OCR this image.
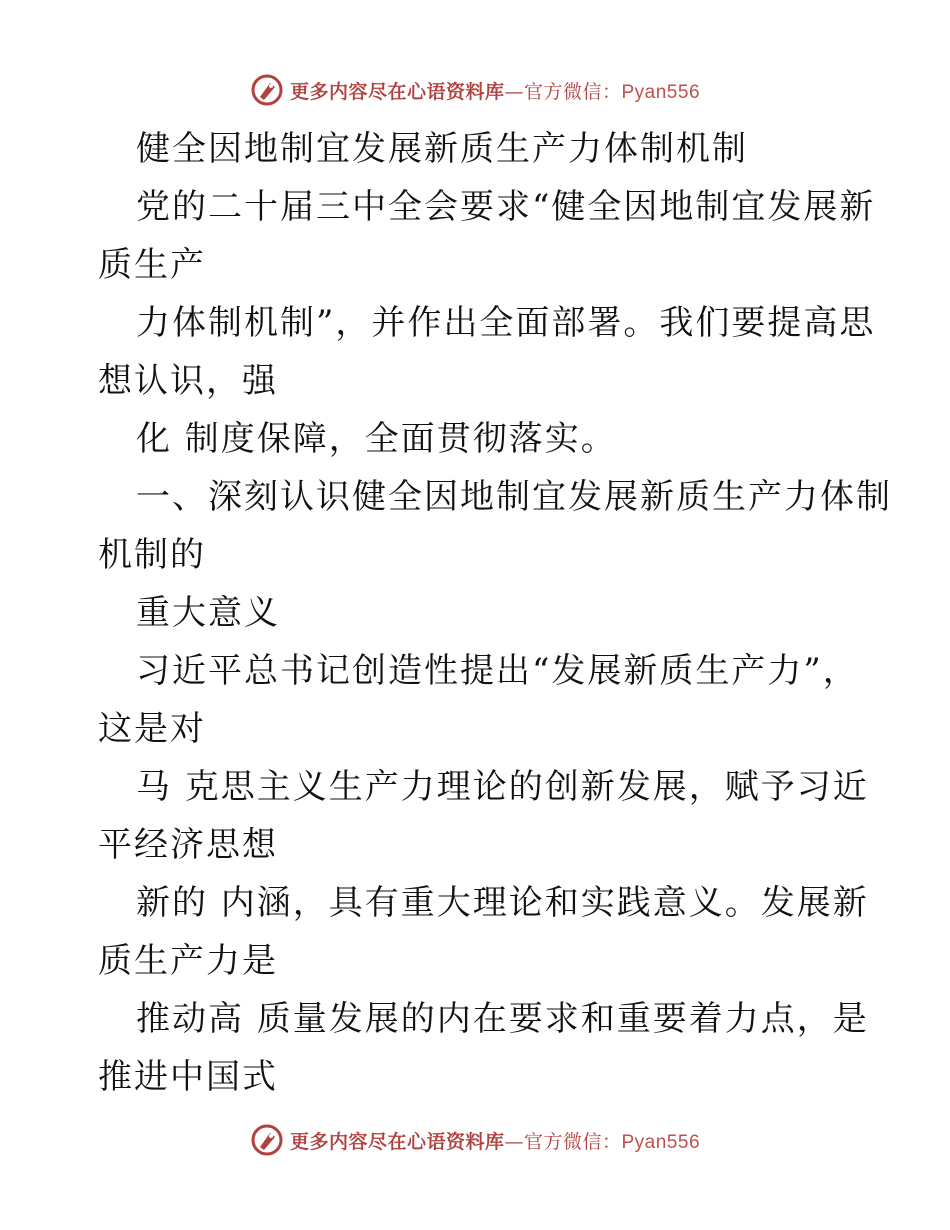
更多内容尽在心语资料库—官方微信：Pyan556
健全因地制宜发展新质生产力体制机制
党的二十届三中全会要求“健全因地制宜发展新
质生产
力体制机制”，并作出全面部署。我们要提高思
想认识，强
化 制度保障，全面贯彻落实。
一、深刻认识健全因地制宜发展新质生产力体制
机制的
重大意义
习近平总书记创造性提出“发展新质生产力”，
这是对
马 克思主义生产力理论的创新发展，赋予习近
平经济思想
新的 内涵，具有重大理论和实践意义。发展新
质生产力是
推动高 质量发展的内在要求和重要着力点，是
推进中国式
更多内容尽在心语资料库—官方微信：Pyan556
